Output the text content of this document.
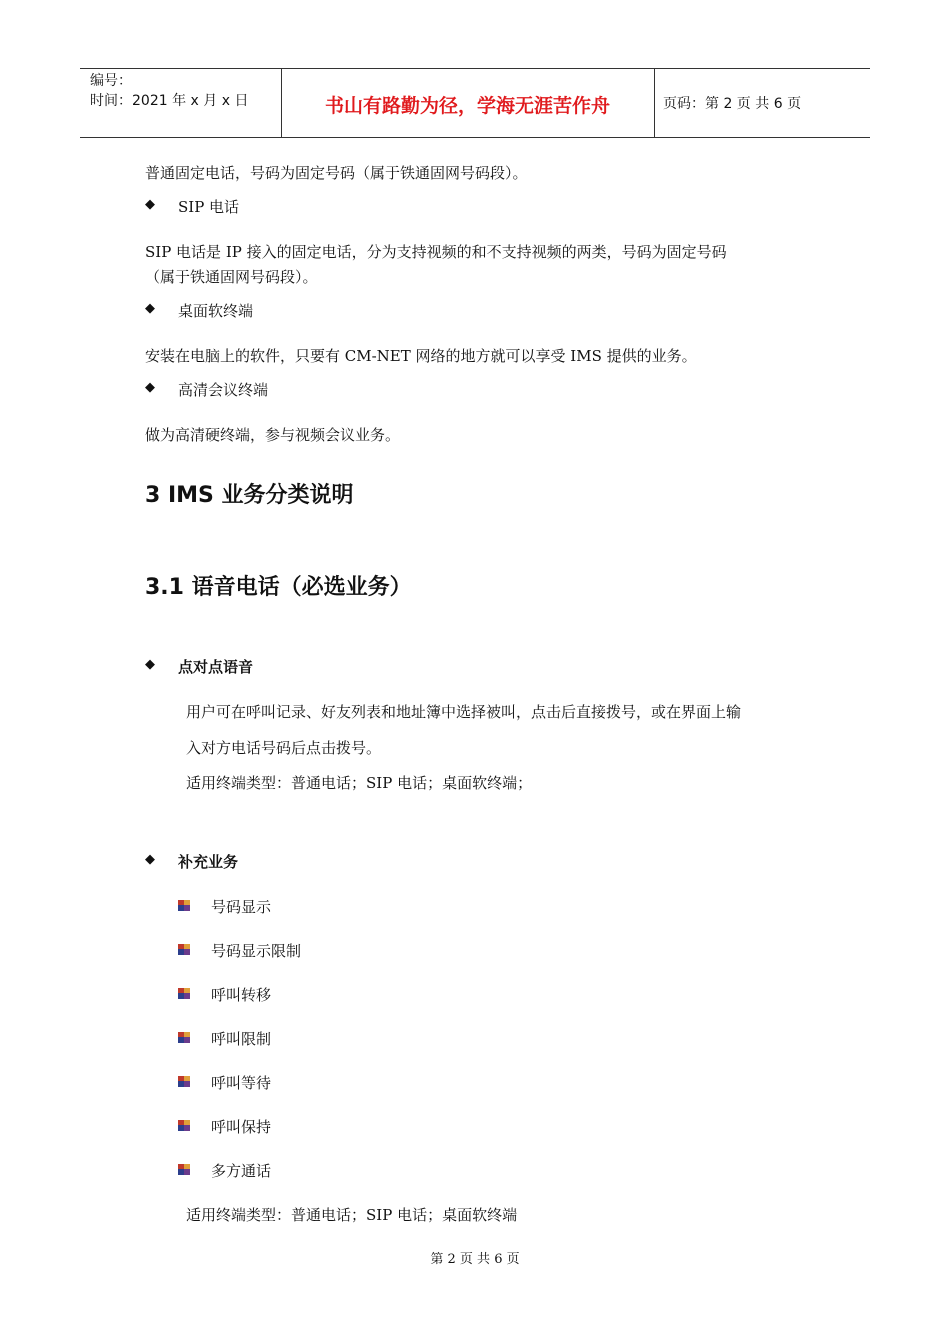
编号：
时间：2021 年 x 月 x 日	书山有路勤为径，学海无涯苦作舟	页码：第 2 页 共 6 页
普通固定电话，号码为固定号码（属于铁通固网号码段）。
◆ SIP 电话
SIP 电话是 IP 接入的固定电话，分为支持视频的和不支持视频的两类，号码为固定号码
（属于铁通固网号码段）。
◆ 桌面软终端
安装在电脑上的软件，只要有 CM-NET 网络的地方就可以享受 IMS 提供的业务。
◆ 高清会议终端
做为高清硬终端，参与视频会议业务。
3 IMS 业务分类说明
3.1 语音电话（必选业务）
◆ 点对点语音
用户可在呼叫记录、好友列表和地址簿中选择被叫，点击后直接拨号，或在界面上输
入对方电话号码后点击拨号。
适用终端类型：普通电话；SIP 电话；桌面软终端；
◆ 补充业务
号码显示
号码显示限制
呼叫转移
呼叫限制
呼叫等待
呼叫保持
多方通话
适用终端类型：普通电话；SIP 电话；桌面软终端
第 2 页 共 6 页
